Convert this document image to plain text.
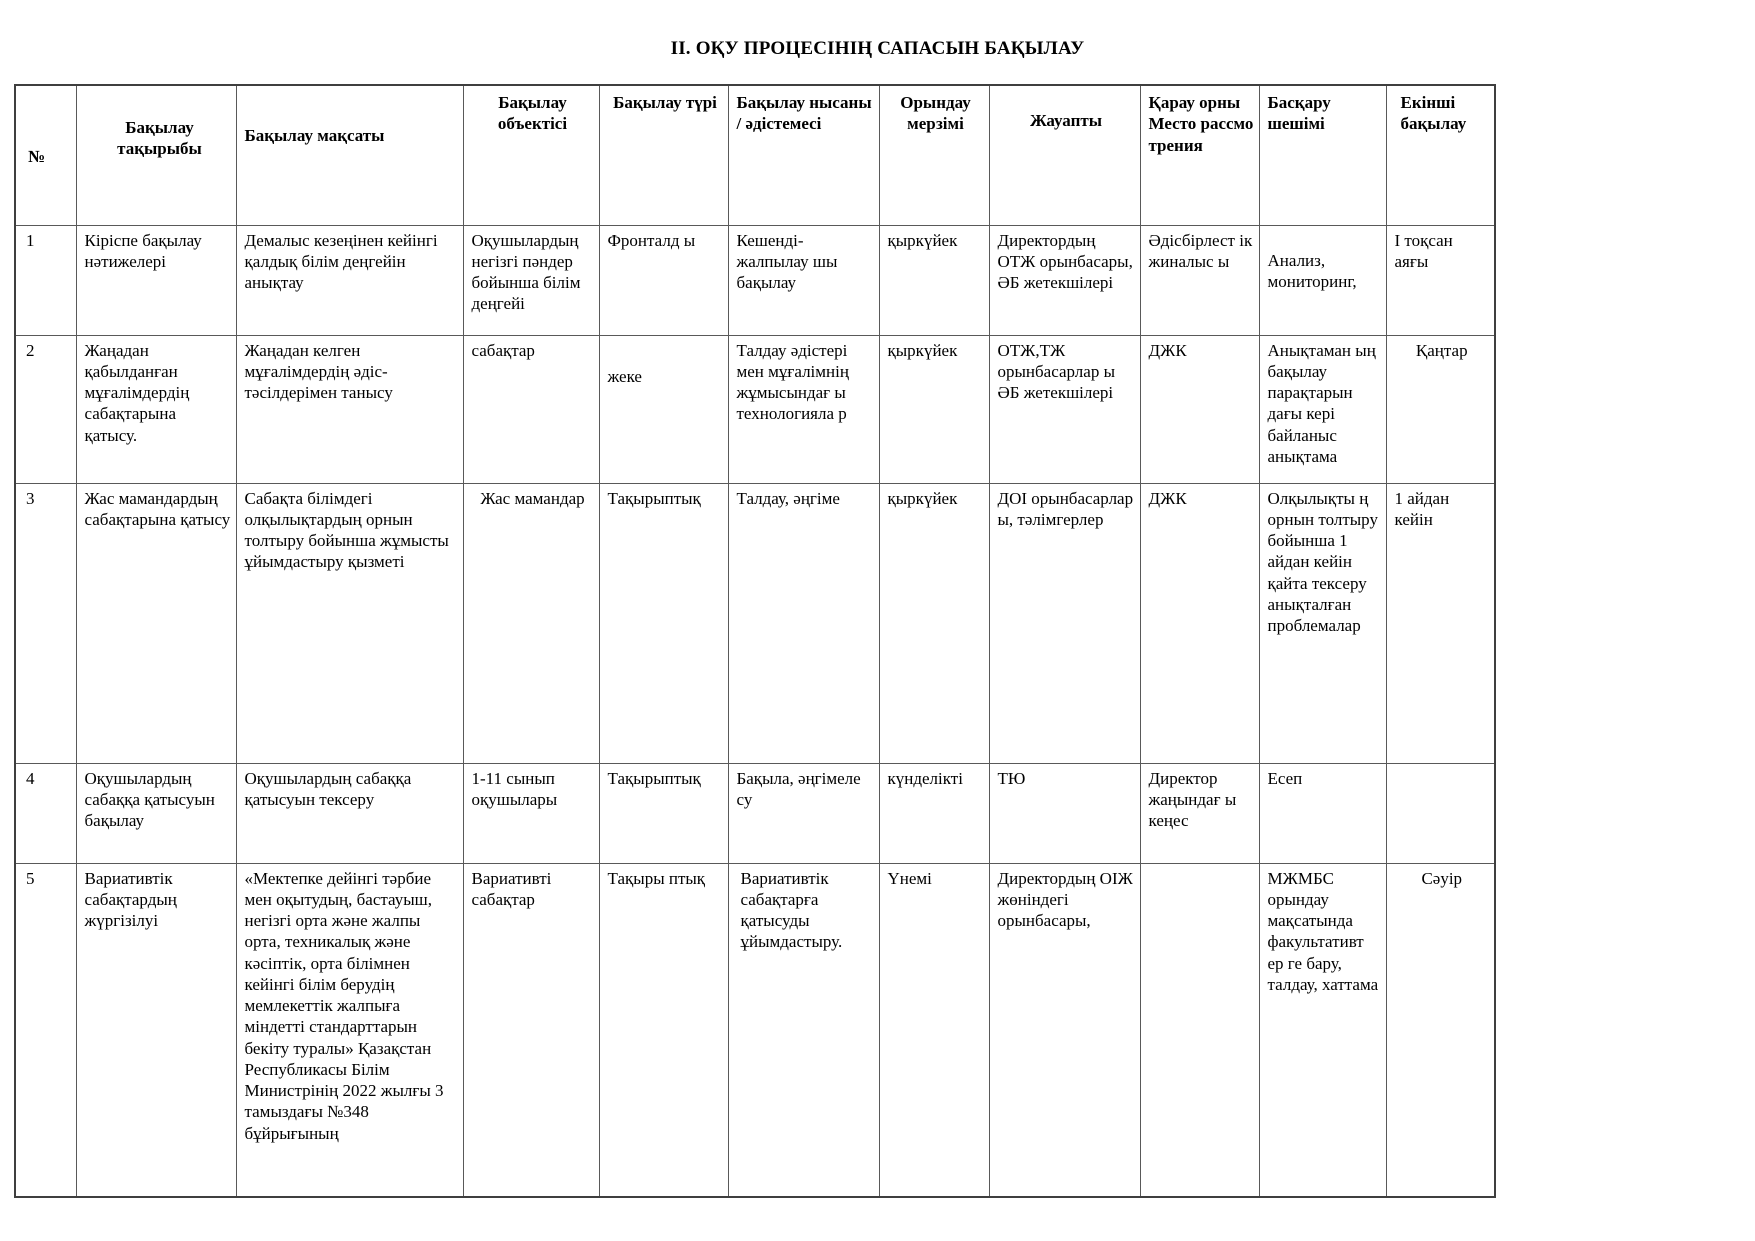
ІІ. ОҚУ ПРОЦЕСІНІҢ САПАСЫН БАҚЫЛАУ
№	Бақылау тақырыбы	Бақылау мақсаты	Бақылау объектісі	Бақылау түрі	Бақылау нысаны / әдістемесі	Орындау мерзімі	Жауапты	Қарау орны Место рассмо трения	Басқару шешімі	Екінші бақылау
1	Кіріспе бақылау нәтижелері	Демалыс кезеңінен кейінгі қалдық білім деңгейін анықтау	Оқушылардың негізгі пәндер бойынша білім деңгейі	Фронталд ы	Кешенді- жалпылау шы бақылау	қыркүйек	Директордың ОТЖ орынбасары, ӘБ жетекшілері	Әдісбірлест ік жиналыс ы	Анализ, мониторинг,	І тоқсан аяғы
2	Жаңадан қабылданған мұғалімдердің сабақтарына қатысу.	Жаңадан келген мұғалімдердің әдіс- тәсілдерімен танысу	сабақтар	жеке	Талдау әдістері мен мұғалімнің жұмысындағ ы технологияла р	қыркүйек	ОТЖ,ТЖ орынбасарлар ы ӘБ жетекшілері	ДЖК	Анықтаман ың бақылау парақтарын дағы кері байланыс анықтама	Қаңтар
3	Жас мамандардың сабақтарына қатысу	Сабақта білімдегі олқылықтардың орнын толтыру бойынша жұмысты ұйымдастыру қызметі	Жас мамандар	Тақырыптық	Талдау, әңгіме	қыркүйек	ДОІ орынбасарлар ы, тәлімгерлер	ДЖК	Олқылықты ң орнын толтыру бойынша 1 айдан кейін қайта тексеру анықталған проблемалар	1 айдан кейін
4	Оқушылардың сабаққа қатысуын бақылау	Оқушылардың сабаққа қатысуын тексеру	1-11 сынып оқушылары	Тақырыптық	Бақыла, әңгімеле су	күнделікті	ТЮ	Директор жаңындағ ы кеңес	Есеп	
5	Вариативтік сабақтардың жүргізілуі	«Мектепке дейінгі тәрбие мен оқытудың, бастауыш, негізгі орта және жалпы орта, техникалық және кәсіптік, орта білімнен кейінгі білім берудің мемлекеттік жалпыға міндетті стандарттарын бекіту туралы» Қазақстан Республикасы Білім Министрінің 2022 жылғы 3 тамыздағы №348 бұйрығының	Вариативті сабақтар	Тақыры птық	Вариативтік сабақтарға қатысуды ұйымдастыру.	Үнемі	Директордың ОІЖ жөніндегі орынбасары,		МЖМБС орындау мақсатында факультативт ер ге бару, талдау, хаттама	Сәуір
